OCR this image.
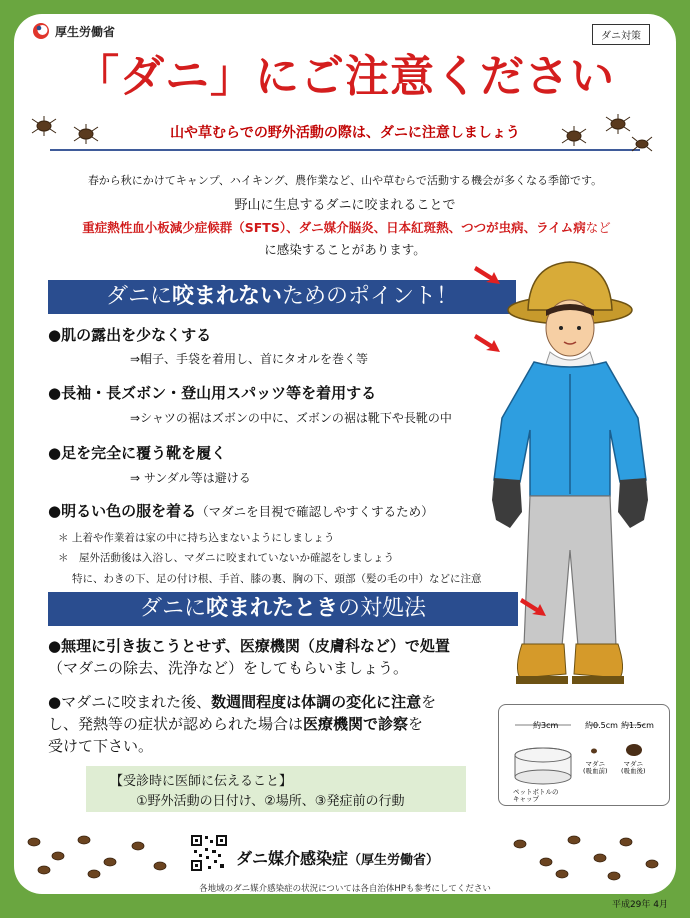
厚生労働省	ダニ対策
「ダニ」にご注意ください
山や草むらでの野外活動の際は、ダニに注意しましょう
春から秋にかけてキャンプ、ハイキング、農作業など、山や草むらで活動する機会が多くなる季節です。
野山に生息するダニに咬まれることで
重症熱性血小板減少症候群（SFTS）、ダニ媒介脳炎、日本紅斑熱、つつが虫病、ライム病など
に感染することがあります。
ダニに咬まれないためのポイント！
●肌の露出を少なくする
⇒帽子、手袋を着用し、首にタオルを巻く等
●長袖・長ズボン・登山用スパッツ等を着用する
⇒シャツの裾はズボンの中に、ズボンの裾は靴下や長靴の中
●足を完全に覆う靴を履く
⇒ サンダル等は避ける
●明るい色の服を着る（マダニを目視で確認しやすくするため）
＊ 上着や作業着は家の中に持ち込まないようにしましょう
＊　屋外活動後は入浴し、マダニに咬まれていないか確認をしましょう
特に、わきの下、足の付け根、手首、膝の裏、胸の下、頭部（髪の毛の中）などに注意
ダニに咬まれたときの対処法
●無理に引き抜こうとせず、医療機関（皮膚科など）で処置
（マダニの除去、洗浄など）をしてもらいましょう。
●マダニに咬まれた後、数週間程度は体調の変化に注意を
し、発熱等の症状が認められた場合は医療機関で診察を
受けて下さい。
【受診時に医師に伝えること】
①野外活動の日付け、②場所、③発症前の行動
約3cm	約0.5cm 約1.5cm
ペットボトルの
キャップ
マダニ
(吸血前)
マダニ
(吸血後)
ダニ媒介感染症（厚生労働省）
各地域のダニ媒介感染症の状況については各自治体HPも参考にしてください
平成29年 4月
